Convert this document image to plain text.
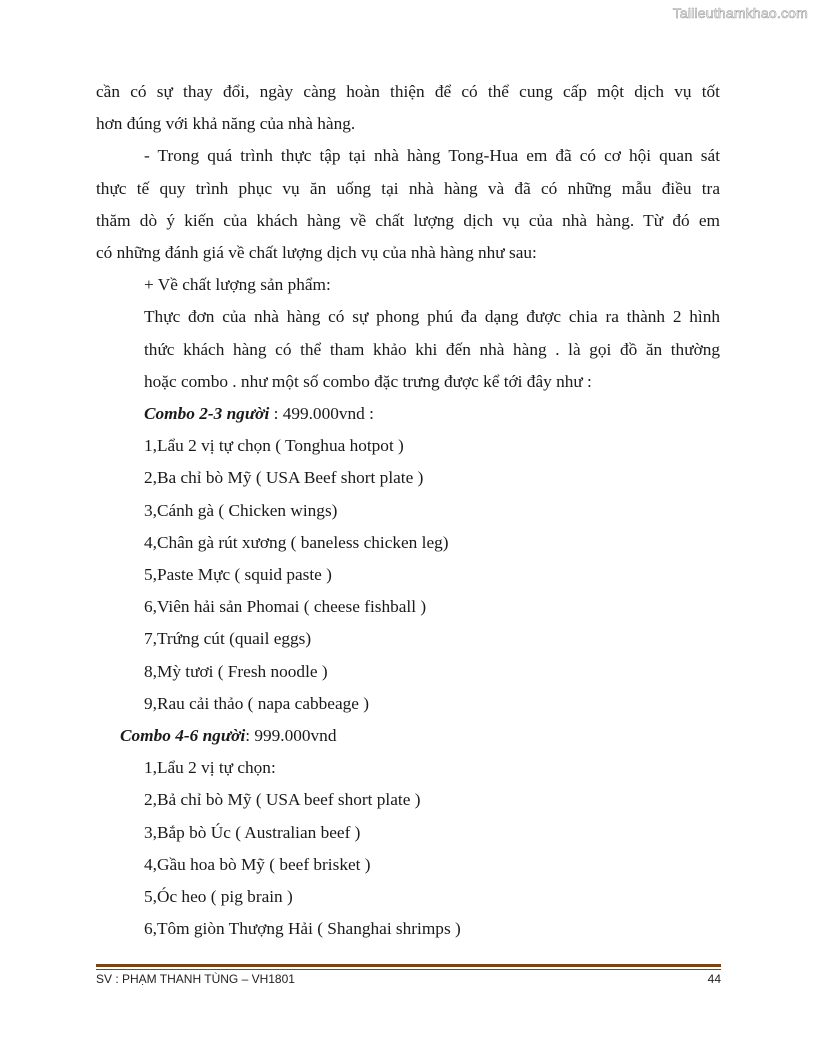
Tailieuthamkhao.com

cần có sự thay đổi, ngày càng hoàn thiện để có thể cung cấp một dịch vụ tốt

hơn đúng với khả năng của nhà hàng.

- Trong quá trình thực tập tại nhà hàng Tong-Hua em đã có cơ hội quan sát

thực tế quy trình phục vụ ăn uống tại nhà hàng và đã có những mẫu điều tra

thăm dò ý kiến của khách hàng về chất lượng dịch vụ của nhà hàng. Từ đó em

có những đánh giá về chất lượng dịch vụ của nhà hàng như sau:

+ Về chất lượng sản phẩm:

Thực đơn của nhà hàng có sự phong phú đa dạng được chia ra thành 2 hình

thức khách hàng có thể tham khảo khi đến nhà hàng . là gọi đồ ăn thường

hoặc combo . như một số combo đặc trưng được kể tới đây như :

Combo 2-3 người : 499.000vnd :

1,Lẩu 2 vị tự chọn ( Tonghua hotpot )

2,Ba chỉ bò Mỹ ( USA Beef short plate )

3,Cánh gà ( Chicken wings)

4,Chân gà rút xương ( baneless chicken leg)

5,Paste Mực ( squid paste )

6,Viên hải sản Phomai ( cheese fishball )

7,Trứng cút (quail eggs)

8,Mỳ tươi ( Fresh noodle )

9,Rau cải thảo ( napa cabbeage )

Combo 4-6 người: 999.000vnd

1,Lẩu 2 vị tự chọn:

2,Bả chỉ bò Mỹ ( USA beef short plate )

3,Bắp bò Úc ( Australian beef )

4,Gầu hoa bò Mỹ ( beef brisket )

5,Óc heo ( pig brain )

6,Tôm giòn Thượng Hải ( Shanghai shrimps )

SV : PHẠM THANH TÙNG – VH1801	44
